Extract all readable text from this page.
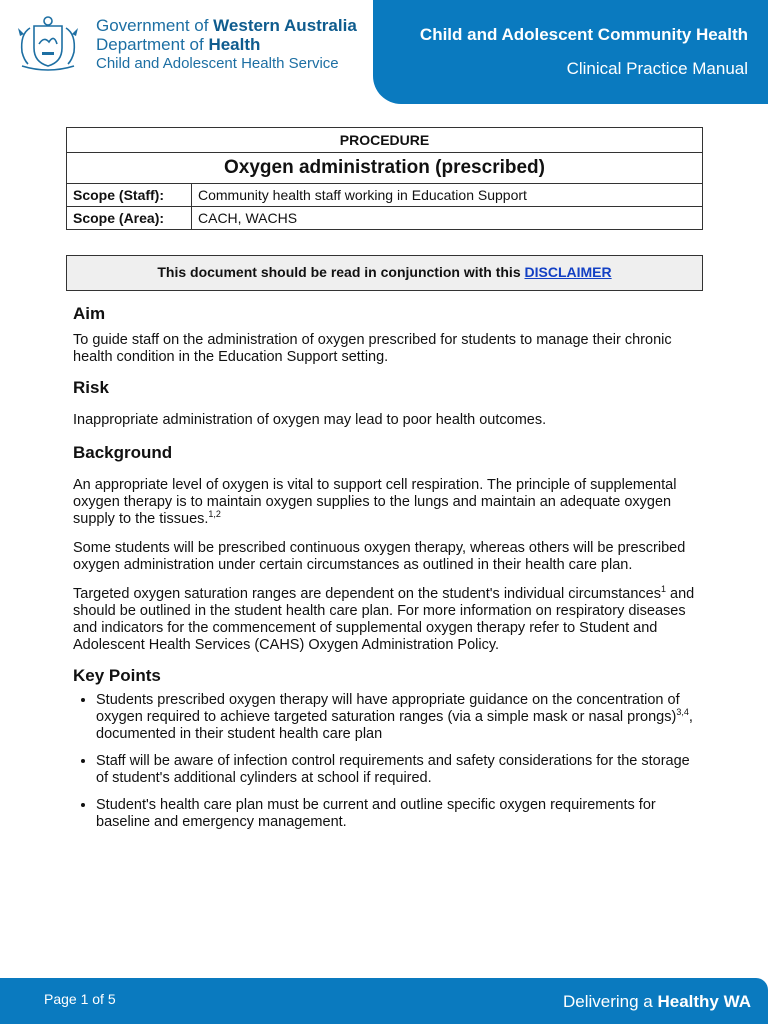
Government of Western Australia
Department of Health
Child and Adolescent Health Service
Child and Adolescent Community Health
Clinical Practice Manual
PROCEDURE	
Oxygen administration (prescribed)	
Scope (Staff):	Community health staff working in Education Support
Scope (Area):	CACH, WACHS
This document should be read in conjunction with this DISCLAIMER
Aim

To guide staff on the administration of oxygen prescribed for students to manage their chronic health condition in the Education Support setting.

Risk

Inappropriate administration of oxygen may lead to poor health outcomes.

Background

An appropriate level of oxygen is vital to support cell respiration. The principle of supplemental oxygen therapy is to maintain oxygen supplies to the lungs and maintain an adequate oxygen supply to the tissues.$^{1,2}$

Some students will be prescribed continuous oxygen therapy, whereas others will be prescribed oxygen administration under certain circumstances as outlined in their health care plan.

Targeted oxygen saturation ranges are dependent on the student's individual circumstances$^1$ and should be outlined in the student health care plan. For more information on respiratory diseases and indicators for the commencement of supplemental oxygen therapy refer to Student and Adolescent Health Services (CAHS) Oxygen Administration Policy.

Key Points
• Students prescribed oxygen therapy will have appropriate guidance on the concentration of oxygen required to achieve targeted saturation ranges (via a simple mask or nasal prongs)$^{3,4}$, documented in their student health care plan
• Staff will be aware of infection control requirements and safety considerations for the storage of student's additional cylinders at school if required.
• Student's health care plan must be current and outline specific oxygen requirements for baseline and emergency management.
Page 1 of 5	Delivering a Healthy WA
